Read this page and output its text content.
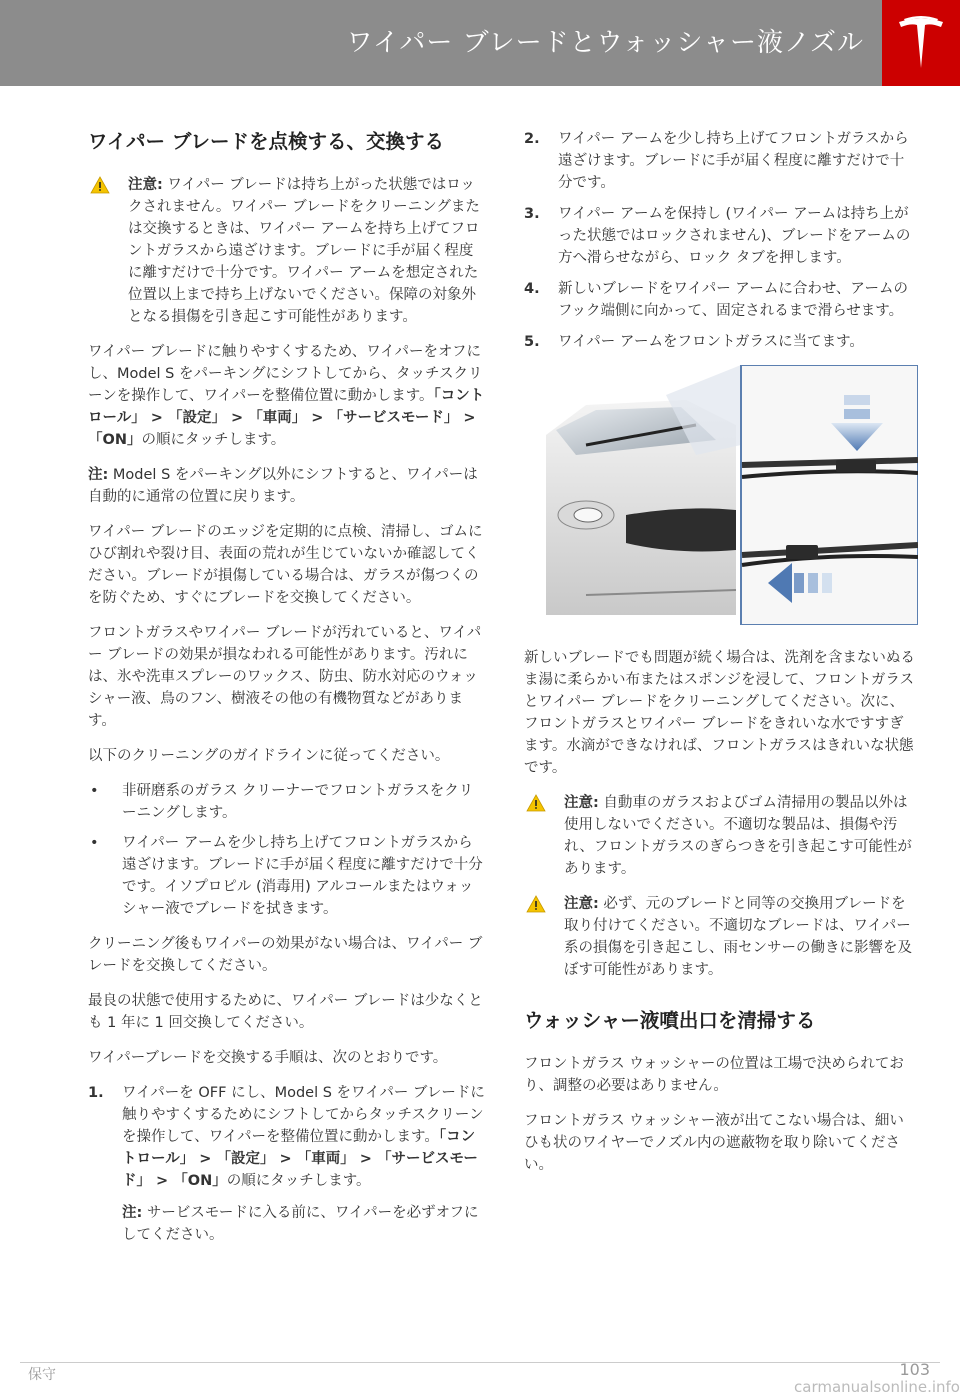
ワイパー ブレードとウォッシャー液ノズル
ワイパー ブレードを点検する、交換する
注意: ワイパー ブレードは持ち上がった状態ではロックされません。ワイパー ブレードをクリーニングまたは交換するときは、ワイパー アームを持ち上げてフロントガラスから遠ざけます。ブレードに手が届く程度に離すだけで十分です。ワイパー アームを想定された位置以上まで持ち上げないでください。保障の対象外となる損傷を引き起こす可能性があります。

ワイパー ブレードに触りやすくするため、ワイパーをオフにし、Model S をパーキングにシフトしてから、タッチスクリーンを操作して、ワイパーを整備位置に動かします。「コントロール」 > 「設定」 > 「車両」 > 「サービスモード」 > 「ON」の順にタッチします。

注: Model S をパーキング以外にシフトすると、ワイパーは自動的に通常の位置に戻ります。

ワイパー ブレードのエッジを定期的に点検、清掃し、ゴムにひび割れや裂け目、表面の荒れが生じていないか確認してください。ブレードが損傷している場合は、ガラスが傷つくのを防ぐため、すぐにブレードを交換してください。

フロントガラスやワイパー ブレードが汚れていると、ワイパー ブレードの効果が損なわれる可能性があります。汚れには、氷や洗車スプレーのワックス、防虫、防水対応のウォッシャー液、鳥のフン、樹液その他の有機物質などがあります。

以下のクリーニングのガイドラインに従ってください。

• 非研磨系のガラス クリーナーでフロントガラスをクリーニングします。
• ワイパー アームを少し持ち上げてフロントガラスから遠ざけます。ブレードに手が届く程度に離すだけで十分です。イソプロピル (消毒用) アルコールまたはウォッシャー液でブレードを拭きます。

クリーニング後もワイパーの効果がない場合は、ワイパー ブレードを交換してください。

最良の状態で使用するために、ワイパー ブレードは少なくとも 1 年に 1 回交換してください。

ワイパーブレードを交換する手順は、次のとおりです。

1. ワイパーを OFF にし、Model S をワイパー ブレードに触りやすくするためにシフトしてからタッチスクリーンを操作して、ワイパーを整備位置に動かします。「コントロール」 > 「設定」 > 「車両」 > 「サービスモード」 > 「ON」の順にタッチします。
注: サービスモードに入る前に、ワイパーを必ずオフにしてください。
2. ワイパー アームを少し持ち上げてフロントガラスから遠ざけます。ブレードに手が届く程度に離すだけで十分です。
3. ワイパー アームを保持し (ワイパー アームは持ち上がった状態ではロックされません)、ブレードをアームの方へ滑らせながら、ロック タブを押します。
4. 新しいブレードをワイパー アームに合わせ、アームのフック端側に向かって、固定されるまで滑らせます。
5. ワイパー アームをフロントガラスに当てます。

新しいブレードでも問題が続く場合は、洗剤を含まないぬるま湯に柔らかい布またはスポンジを浸して、フロントガラスとワイパー ブレードをクリーニングしてください。次に、フロントガラスとワイパー ブレードをきれいな水ですすぎます。水滴ができなければ、フロントガラスはきれいな状態です。

注意: 自動車のガラスおよびゴム清掃用の製品以外は使用しないでください。不適切な製品は、損傷や汚れ、フロントガラスのぎらつきを引き起こす可能性があります。
注意: 必ず、元のブレードと同等の交換用ブレードを取り付けてください。不適切なブレードは、ワイパー系の損傷を引き起こし、雨センサーの働きに影響を及ぼす可能性があります。
ウォッシャー液噴出口を清掃する

フロントガラス ウォッシャーの位置は工場で決められており、調整の必要はありません。

フロントガラス ウォッシャー液が出てこない場合は、細いひも状のワイヤーでノズル内の遮蔽物を取り除いてください。

保守	103
carmanualsonline.info
